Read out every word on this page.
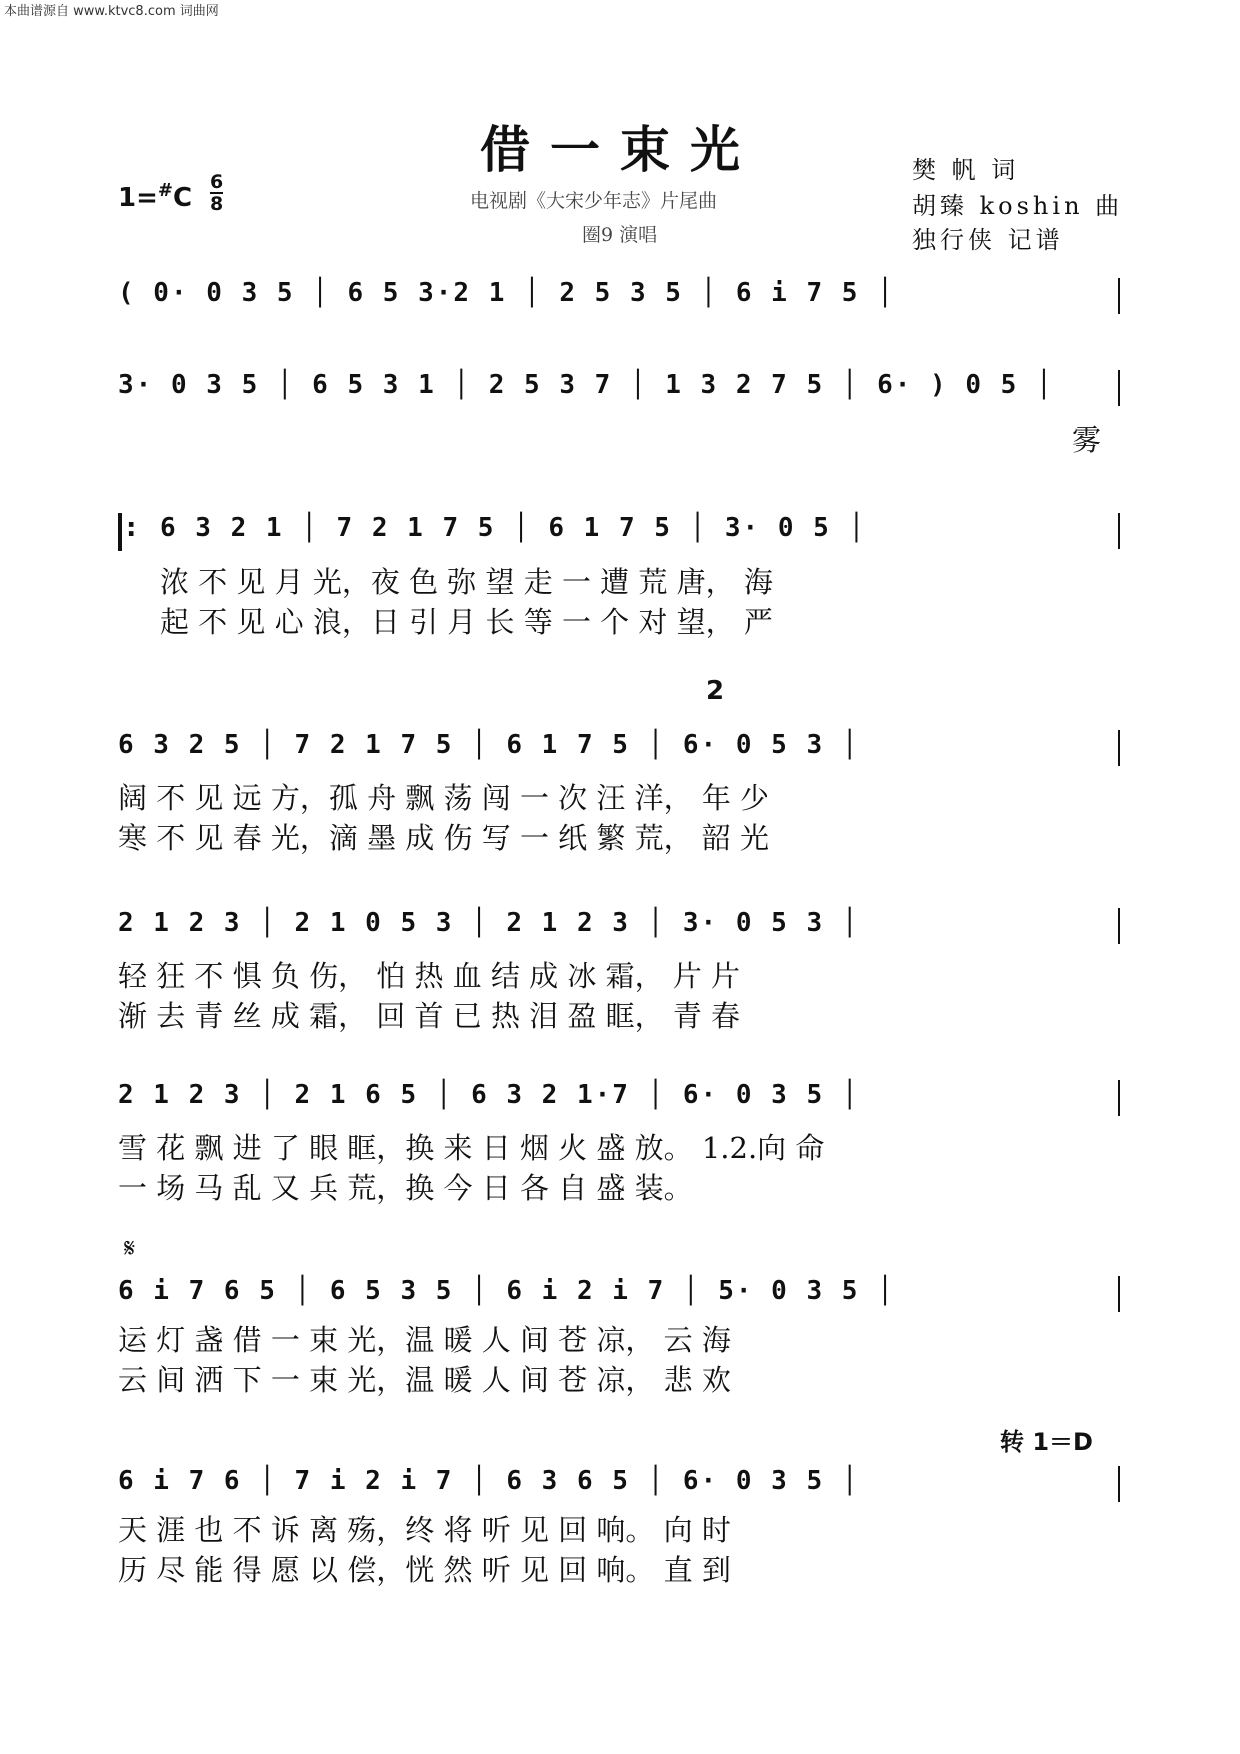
本曲谱源自 www.ktvc8.com 词曲网
借一束光
电视剧《大宋少年志》片尾曲
圈9 演唱
樊 帆 词
胡臻 koshin 曲
独行侠 记谱
$1=^{\#}C \frac{6}{8}$
( 0· 0 3 5 │ 6 5 3·2 1 │ 2 5 3 5 │ 6 i 7 5 │
3· 0 3 5 │ 6 5 3 1 │ 2 5 3 7 │ 1 3 2 7 5 │ 6· ) 0 5 │
雾
: 6 3 2 1 │ 7 2 1 7 5 │ 6 1 7 5 │ 3· 0 5 │
浓 不 见 月 光，夜 色 弥 望 走 一 遭 荒 唐， 海
起 不 见 心 浪，日 引 月 长 等 一 个 对 望， 严
2
6 3 2 5 │ 7 2 1 7 5 │ 6 1 7 5 │ 6· 0 5 3 │
阔 不 见 远 方，孤 舟 飘 荡 闯 一 次 汪 洋， 年 少
寒 不 见 春 光，滴 墨 成 伤 写 一 纸 繁 荒， 韶 光
2 1 2 3 │ 2 1 0 5 3 │ 2 1 2 3 │ 3· 0 5 3 │
轻 狂 不 惧 负 伤， 怕 热 血 结 成 冰 霜， 片 片
渐 去 青 丝 成 霜， 回 首 已 热 泪 盈 眶， 青 春
2 1 2 3 │ 2 1 6 5 │ 6 3 2 1·7 │ 6· 0 3 5 │
雪 花 飘 进 了 眼 眶，换 来 日 烟 火 盛 放。 1.2.向 命
一 场 马 乱 又 兵 荒，换 今 日 各 自 盛 装。
𝄋
6 i 7 6 5 │ 6 5 3 5 │ 6 i 2 i 7 │ 5· 0 3 5 │
运 灯 盏 借 一 束 光，温 暖 人 间 苍 凉， 云 海
云 间 洒 下 一 束 光，温 暖 人 间 苍 凉， 悲 欢
转 1＝D
6 i 7 6 │ 7 i 2 i 7 │ 6 3 6 5 │ 6· 0 3 5 │
天 涯 也 不 诉 离 殇，终 将 听 见 回 响。 向 时
历 尽 能 得 愿 以 偿，恍 然 听 见 回 响。 直 到
